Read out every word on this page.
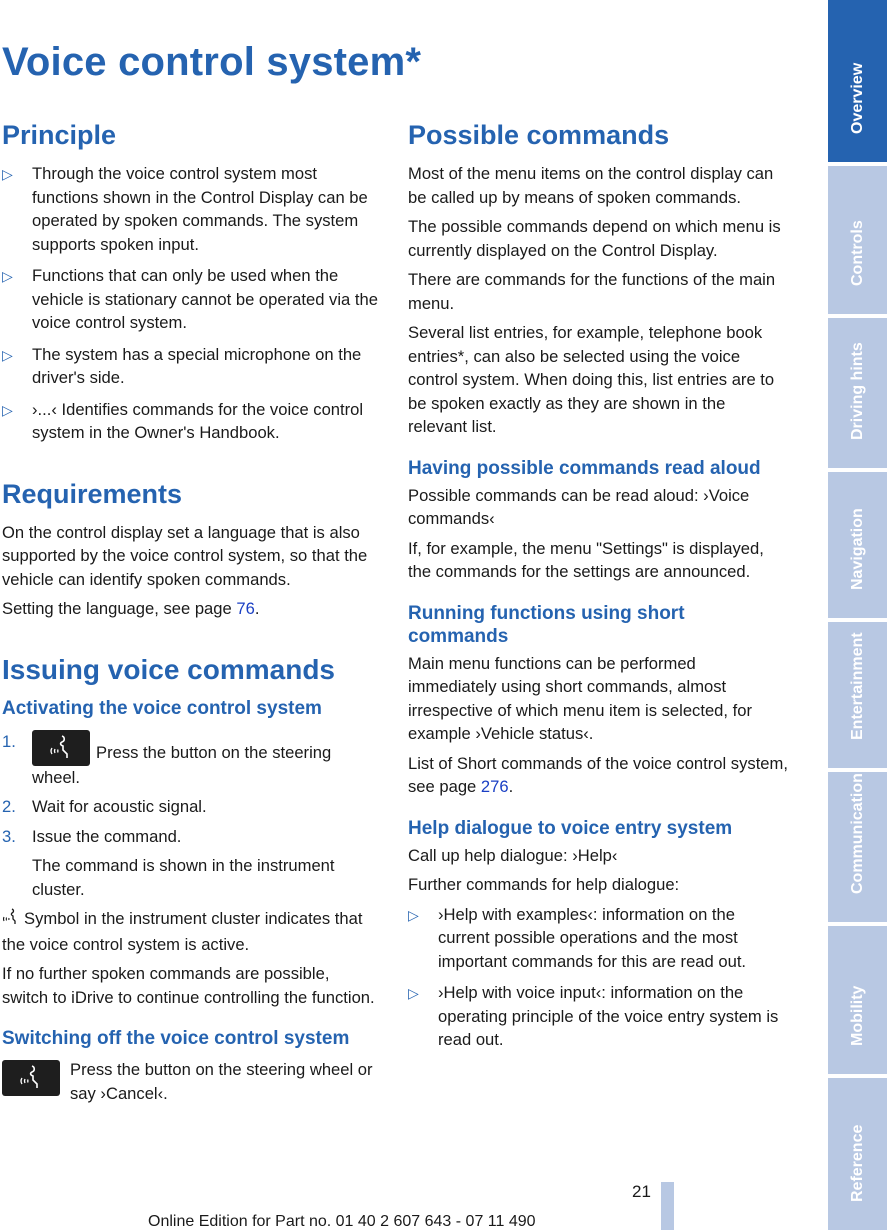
Voice control system*
Principle
▷ Through the voice control system most functions shown in the Control Display can be operated by spoken commands. The system supports spoken input.
▷ Functions that can only be used when the vehicle is stationary cannot be operated via the voice control system.
▷ The system has a special microphone on the driver's side.
▷ ›...‹ Identifies commands for the voice control system in the Owner's Handbook.
Requirements

On the control display set a language that is also supported by the voice control system, so that the vehicle can identify spoken commands.

Setting the language, see page 76.

Issuing voice commands
Activating the voice control system
1.
Press the button on the steering wheel.
2. Wait for acoustic signal.
3. Issue the command.

The command is shown in the instrument cluster.

Symbol in the instrument cluster indicates that the voice control system is active.

If no further spoken commands are possible, switch to iDrive to continue controlling the function.

Switching off the voice control system
Press the button on the steering wheel or say ›Cancel‹.
Possible commands

Most of the menu items on the control display can be called up by means of spoken commands.

The possible commands depend on which menu is currently displayed on the Control Display.

There are commands for the functions of the main menu.

Several list entries, for example, telephone book entries*, can also be selected using the voice control system. When doing this, list entries are to be spoken exactly as they are shown in the relevant list.

Having possible commands read aloud

Possible commands can be read aloud: ›Voice commands‹

If, for example, the menu "Settings" is displayed, the commands for the settings are announced.

Running functions using short commands

Main menu functions can be performed immediately using short commands, almost irrespective of which menu item is selected, for example ›Vehicle status‹.

List of Short commands of the voice control system, see page 276.

Help dialogue to voice entry system

Call up help dialogue: ›Help‹

Further commands for help dialogue:

▷ ›Help with examples‹: information on the current possible operations and the most important commands for this are read out.
▷ ›Help with voice input‹: information on the operating principle of the voice entry system is read out.
Overview
Controls
Driving hints
Navigation
Entertainment
Communication
Mobility
Reference
21
Online Edition for Part no. 01 40 2 607 643 - 07 11 490
